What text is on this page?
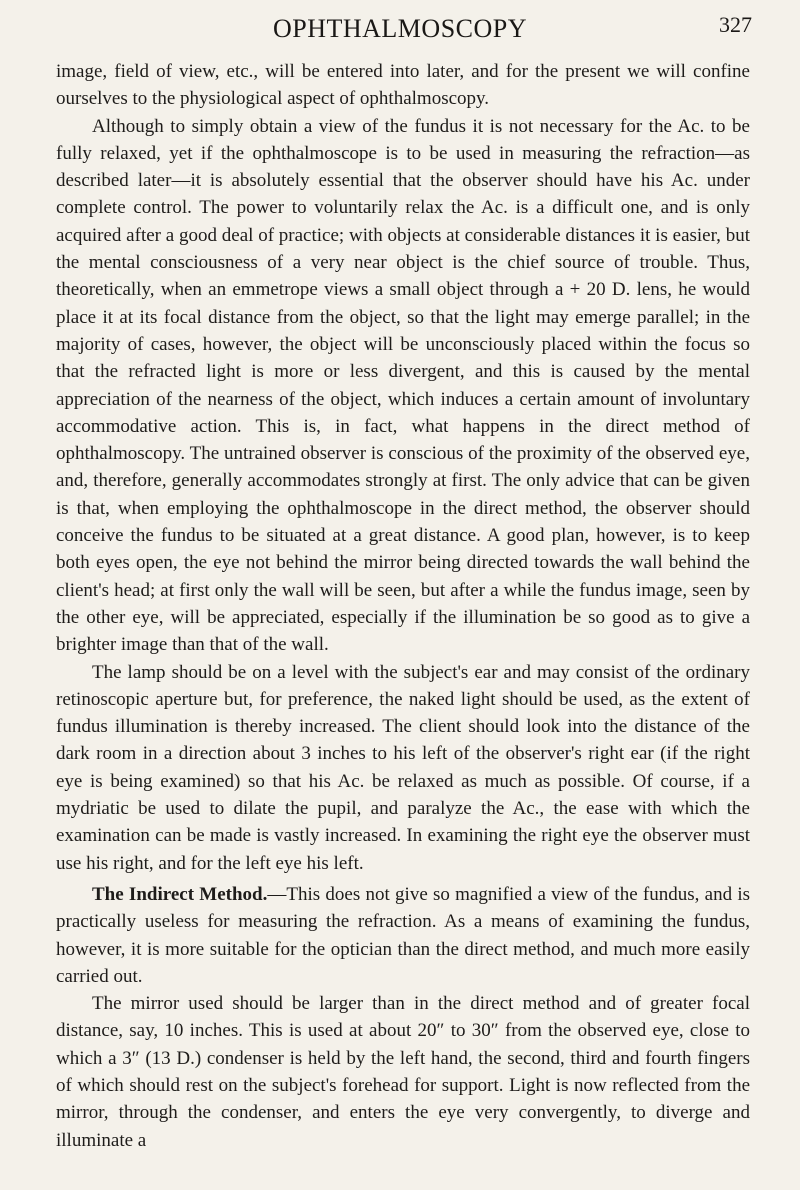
OPHTHALMOSCOPY	327

image, field of view, etc., will be entered into later, and for the present we will confine ourselves to the physiological aspect of ophthalmoscopy.

Although to simply obtain a view of the fundus it is not necessary for the Ac. to be fully relaxed, yet if the ophthalmoscope is to be used in measuring the refraction—as described later—it is absolutely essential that the observer should have his Ac. under complete control. The power to voluntarily relax the Ac. is a difficult one, and is only acquired after a good deal of practice; with objects at considerable distances it is easier, but the mental consciousness of a very near object is the chief source of trouble. Thus, theoretically, when an emmetrope views a small object through a + 20 D. lens, he would place it at its focal distance from the object, so that the light may emerge parallel; in the majority of cases, however, the object will be unconsciously placed within the focus so that the refracted light is more or less divergent, and this is caused by the mental appreciation of the nearness of the object, which induces a certain amount of involuntary accommodative action. This is, in fact, what happens in the direct method of ophthalmoscopy. The untrained observer is conscious of the proximity of the observed eye, and, therefore, generally accommodates strongly at first. The only advice that can be given is that, when employing the ophthalmoscope in the direct method, the observer should conceive the fundus to be situated at a great distance. A good plan, however, is to keep both eyes open, the eye not behind the mirror being directed towards the wall behind the client's head; at first only the wall will be seen, but after a while the fundus image, seen by the other eye, will be appreciated, especially if the illumination be so good as to give a brighter image than that of the wall.

The lamp should be on a level with the subject's ear and may consist of the ordinary retinoscopic aperture but, for preference, the naked light should be used, as the extent of fundus illumination is thereby increased. The client should look into the distance of the dark room in a direction about 3 inches to his left of the observer's right ear (if the right eye is being examined) so that his Ac. be relaxed as much as possible. Of course, if a mydriatic be used to dilate the pupil, and paralyze the Ac., the ease with which the examination can be made is vastly increased. In examining the right eye the observer must use his right, and for the left eye his left.

The Indirect Method.—This does not give so magnified a view of the fundus, and is practically useless for measuring the refraction. As a means of examining the fundus, however, it is more suitable for the optician than the direct method, and much more easily carried out.

The mirror used should be larger than in the direct method and of greater focal distance, say, 10 inches. This is used at about 20″ to 30″ from the observed eye, close to which a 3″ (13 D.) condenser is held by the left hand, the second, third and fourth fingers of which should rest on the subject's forehead for support. Light is now reflected from the mirror, through the condenser, and enters the eye very convergently, to diverge and illuminate a
